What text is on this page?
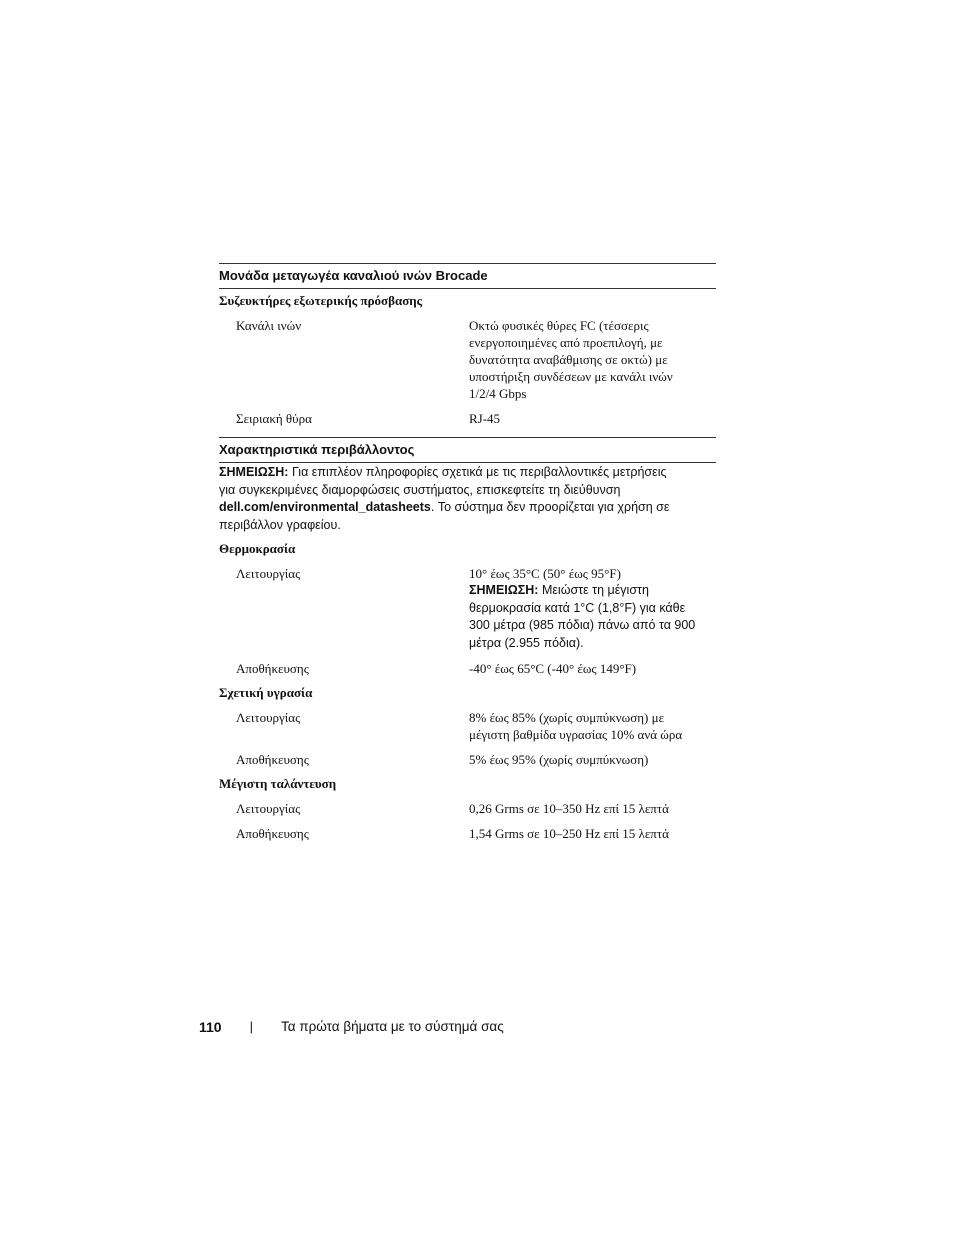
Μονάδα μεταγωγέα καναλιού ινών Brocade
Συζευκτήρες εξωτερικής πρόσβασης
Κανάλι ινών	Οκτώ φυσικές θύρες FC (τέσσερις
ενεργοποιημένες από προεπιλογή, με
δυνατότητα αναβάθμισης σε οκτώ) με
υποστήριξη συνδέσεων με κανάλι ινών
1/2/4 Gbps
Σειριακή θύρα	RJ-45
Χαρακτηριστικά περιβάλλοντος
ΣΗΜΕΙΩΣΗ: Για επιπλέον πληροφορίες σχετικά με τις περιβαλλοντικές μετρήσεις
για συγκεκριμένες διαμορφώσεις συστήματος, επισκεφτείτε τη διεύθυνση
dell.com/environmental_datasheets. Το σύστημα δεν προορίζεται για χρήση σε
περιβάλλον γραφείου.
Θερμοκρασία
Λειτουργίας	10° έως 35°C (50° έως 95°F)
ΣΗΜΕΙΩΣΗ: Μειώστε τη μέγιστη
θερμοκρασία κατά 1°C (1,8°F) για κάθε
300 μέτρα (985 πόδια) πάνω από τα 900
μέτρα (2.955 πόδια).
Αποθήκευσης	-40° έως 65°C (-40° έως 149°F)
Σχετική υγρασία
Λειτουργίας	8% έως 85% (χωρίς συμπύκνωση) με
μέγιστη βαθμίδα υγρασίας 10% ανά ώρα
Αποθήκευσης	5% έως 95% (χωρίς συμπύκνωση)
Μέγιστη ταλάντευση
Λειτουργίας	0,26 Grms σε 10–350 Hz επί 15 λεπτά
Αποθήκευσης	1,54 Grms σε 10–250 Hz επί 15 λεπτά
110 | Τα πρώτα βήματα με το σύστημά σας
